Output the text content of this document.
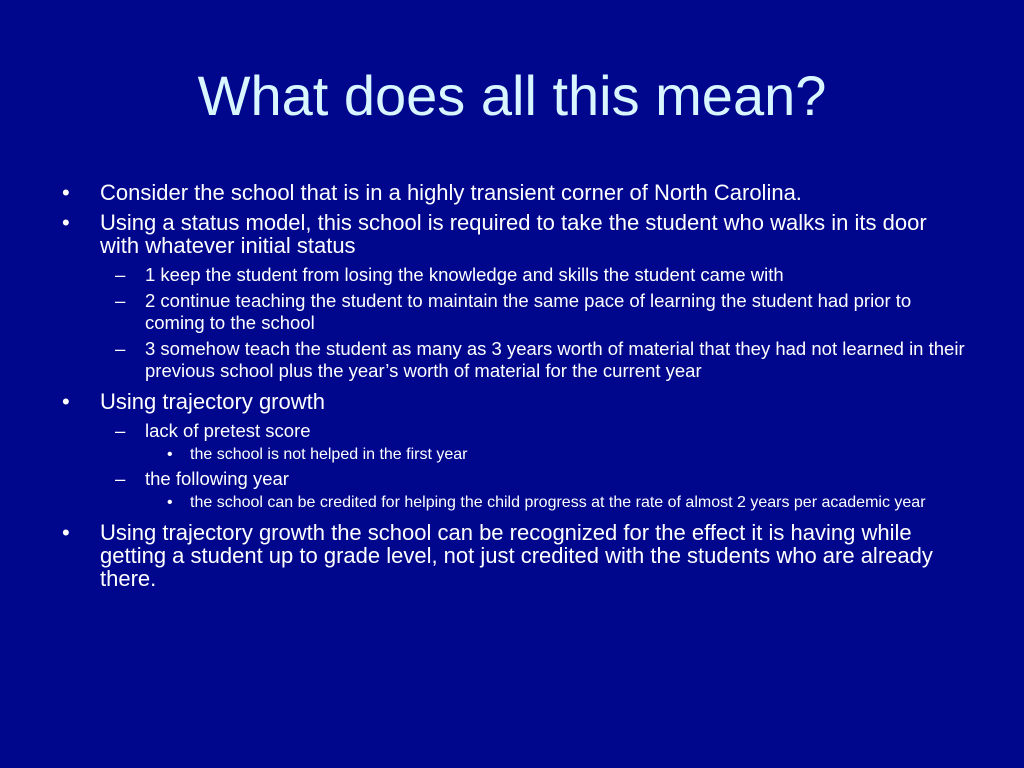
What does all this mean?
•	Consider the school that is in a highly transient corner of North Carolina.
•	Using a status model, this school is required to take the student who walks in its door with whatever initial status
–	1 keep the student from losing the knowledge and skills the student came with
–	2 continue teaching the student to maintain the same pace of learning the student had prior to coming to the school
–	3 somehow teach the student as many as 3 years worth of material that they had not learned in their previous school plus the year’s worth of material for the current year
•	Using trajectory growth
–	lack of pretest score
•	the school is not helped in the first year
–	the following year
•	the school can be credited for helping the child progress at the rate of almost 2 years per academic year
•	Using trajectory growth the school can be recognized for the effect it is having while getting a student up to grade level, not just credited with the students who are already there.
